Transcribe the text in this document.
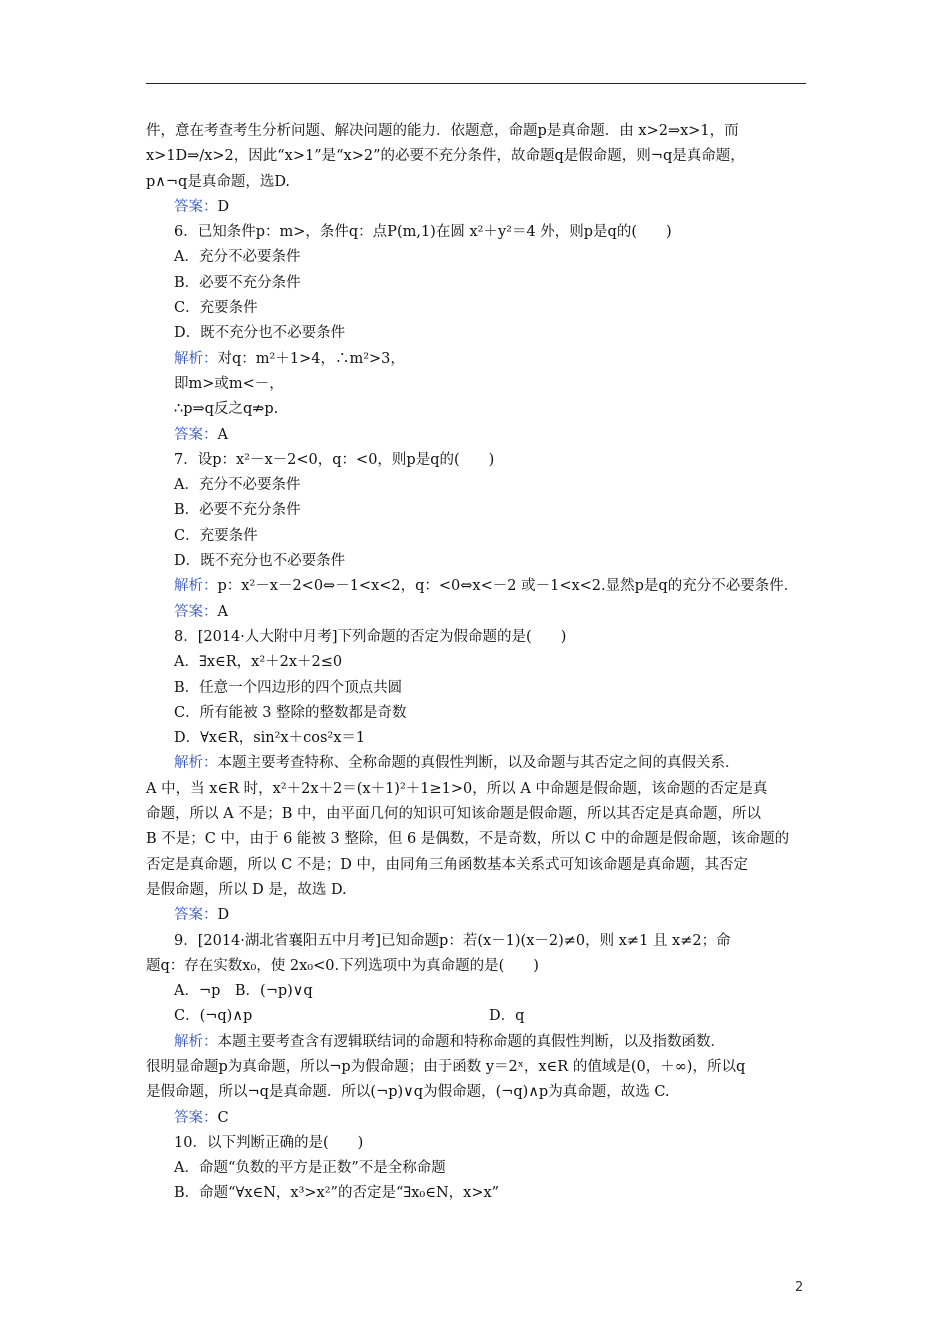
件，意在考查考生分析问题、解决问题的能力．依题意，命题p是真命题．由 x>2⇒x>1，而
x>1D⇒/x>2，因此“x>1”是“x>2”的必要不充分条件，故命题q是假命题，则¬q是真命题，
p∧¬q是真命题，选D.
答案：D
6．已知条件p：m>，条件q：点P(m,1)在圆 x²＋y²＝4 外，则p是q的(　　)
A．充分不必要条件
B．必要不充分条件
C．充要条件
D．既不充分也不必要条件
解析：对q：m²＋1>4，∴m²>3，
即m>或m<－，
∴p⇒q反之q⇏p.
答案：A
7．设p：x²－x－2<0，q：<0，则p是q的(　　)
A．充分不必要条件
B．必要不充分条件
C．充要条件
D．既不充分也不必要条件
解析：p：x²－x－2<0⇔－1<x<2，q：<0⇔x<－2 或－1<x<2.显然p是q的充分不必要条件．
答案：A
8．[2014·人大附中月考]下列命题的否定为假命题的是(　　)
A．∃x∈R，x²＋2x＋2≤0
B．任意一个四边形的四个顶点共圆
C．所有能被 3 整除的整数都是奇数
D．∀x∈R，sin²x＋cos²x＝1
解析：本题主要考查特称、全称命题的真假性判断，以及命题与其否定之间的真假关系．
A 中，当 x∈R 时，x²＋2x＋2＝(x＋1)²＋1≥1>0，所以 A 中命题是假命题，该命题的否定是真
命题，所以 A 不是；B 中，由平面几何的知识可知该命题是假命题，所以其否定是真命题，所以
B 不是；C 中，由于 6 能被 3 整除，但 6 是偶数，不是奇数，所以 C 中的命题是假命题，该命题的
否定是真命题，所以 C 不是；D 中，由同角三角函数基本关系式可知该命题是真命题，其否定
是假命题，所以 D 是，故选 D.
答案：D
9．[2014·湖北省襄阳五中月考]已知命题p：若(x－1)(x－2)≠0，则 x≠1 且 x≠2；命
题q：存在实数x₀，使 2x₀<0.下列选项中为真命题的是(　　)
A．¬p　B．(¬p)∨q
C．(¬q)∧p	D．q
解析：本题主要考查含有逻辑联结词的命题和特称命题的真假性判断，以及指数函数．
很明显命题p为真命题，所以¬p为假命题；由于函数 y＝2ˣ，x∈R 的值域是(0，＋∞)，所以q
是假命题，所以¬q是真命题．所以(¬p)∨q为假命题，(¬q)∧p为真命题，故选 C.
答案：C
10．以下判断正确的是(　　)
A．命题“负数的平方是正数”不是全称命题
B．命题“∀x∈N，x³>x²”的否定是“∃x₀∈N，x>x”
2
